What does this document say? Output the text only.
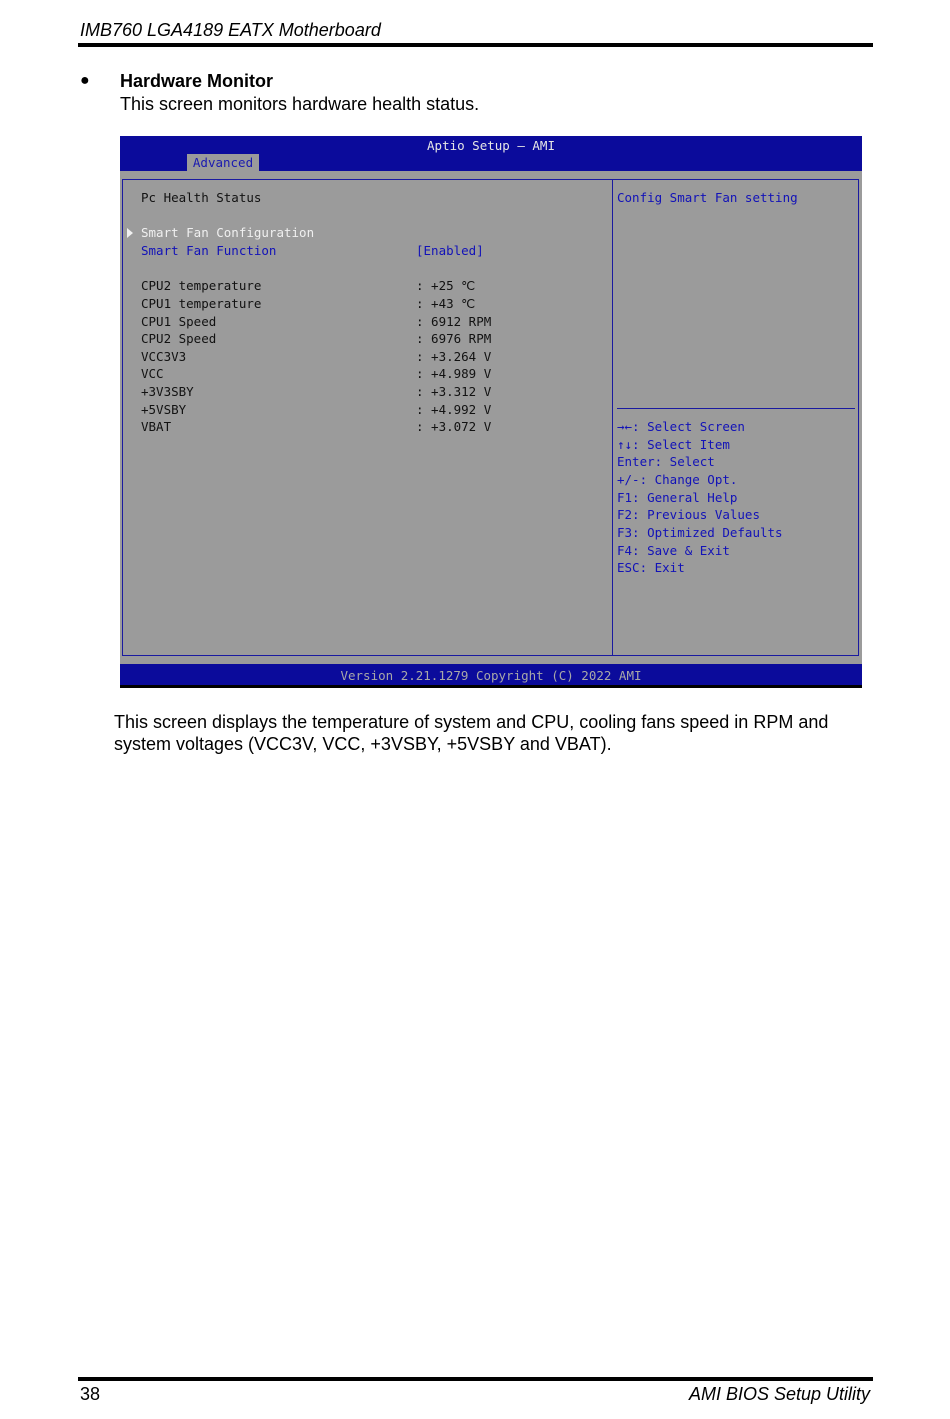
IMB760 LGA4189 EATX Motherboard
● Hardware Monitor
This screen monitors hardware health status.
Aptio Setup – AMI
Advanced
Pc Health Status
Smart Fan Configuration
Smart Fan Function	[Enabled]
CPU2 temperature	: +25 ℃
CPU1 temperature	: +43 ℃
CPU1 Speed	: 6912 RPM
CPU2 Speed	: 6976 RPM
VCC3V3	: +3.264 V
VCC	: +4.989 V
+3V3SBY	: +3.312 V
+5VSBY	: +4.992 V
VBAT	: +3.072 V
Config Smart Fan setting
→←: Select Screen
↑↓: Select Item
Enter: Select
+/-: Change Opt.
F1: General Help
F2: Previous Values
F3: Optimized Defaults
F4: Save & Exit
ESC: Exit
Version 2.21.1279 Copyright (C) 2022 AMI
This screen displays the temperature of system and CPU, cooling fans speed in RPM and system voltages (VCC3V, VCC, +3VSBY, +5VSBY and VBAT).
38	AMI BIOS Setup Utility
